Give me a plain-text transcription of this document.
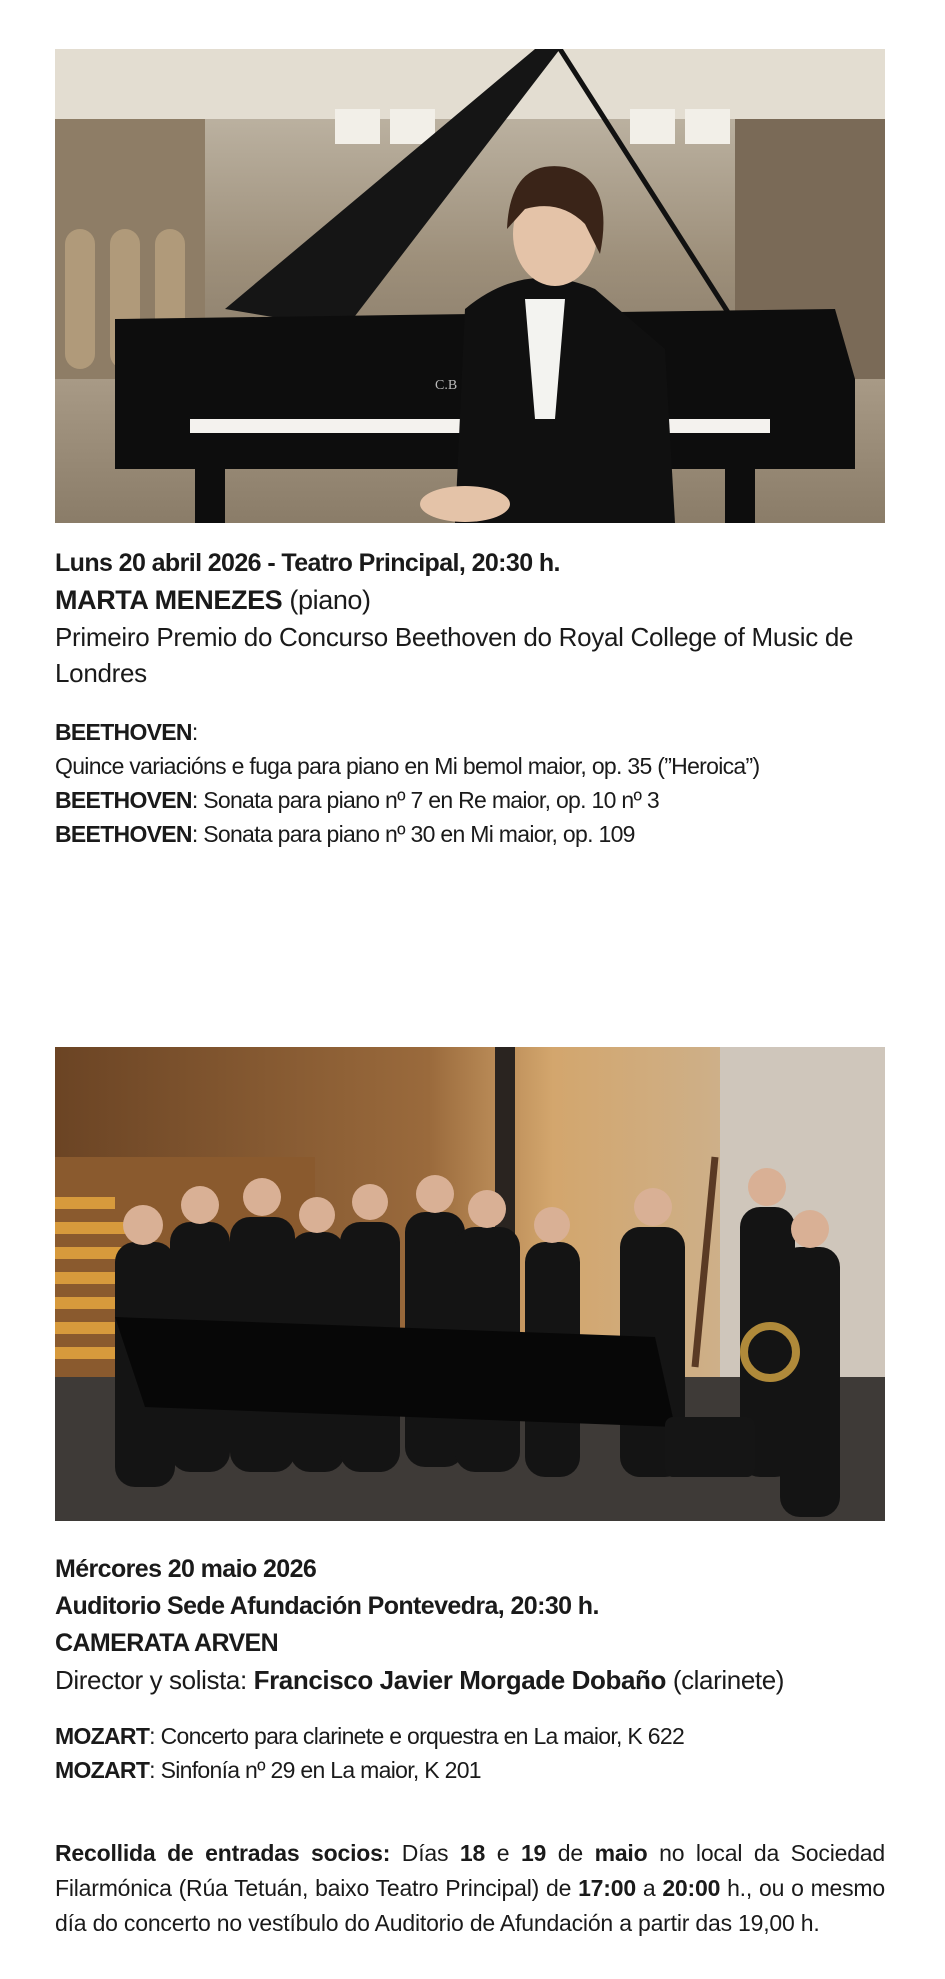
C.B

Luns 20 abril 2026 - Teatro Principal, 20:30 h.

MARTA MENEZES (piano)

Primeiro Premio do Concurso Beethoven do Royal College of Music de Londres

BEETHOVEN:

Quince variacións e fuga para piano en Mi bemol maior, op. 35 (”Heroica”)

BEETHOVEN: Sonata para piano nº 7 en Re maior, op. 10 nº 3

BEETHOVEN: Sonata para piano nº 30 en Mi maior, op. 109

Mércores 20 maio 2026

Auditorio Sede Afundación Pontevedra, 20:30 h.

CAMERATA ARVEN

Director y solista: Francisco Javier Morgade Dobaño (clarinete)

MOZART: Concerto para clarinete e orquestra en La maior, K 622

MOZART: Sinfonía nº 29 en La maior, K 201

Recollida de entradas socios: Días 18 e 19 de maio no local da Sociedad Filarmónica (Rúa Tetuán, baixo Teatro Principal) de 17:00 a 20:00 h., ou o mesmo día do concerto no vestíbulo do Auditorio de Afundación a partir das 19,00 h.
